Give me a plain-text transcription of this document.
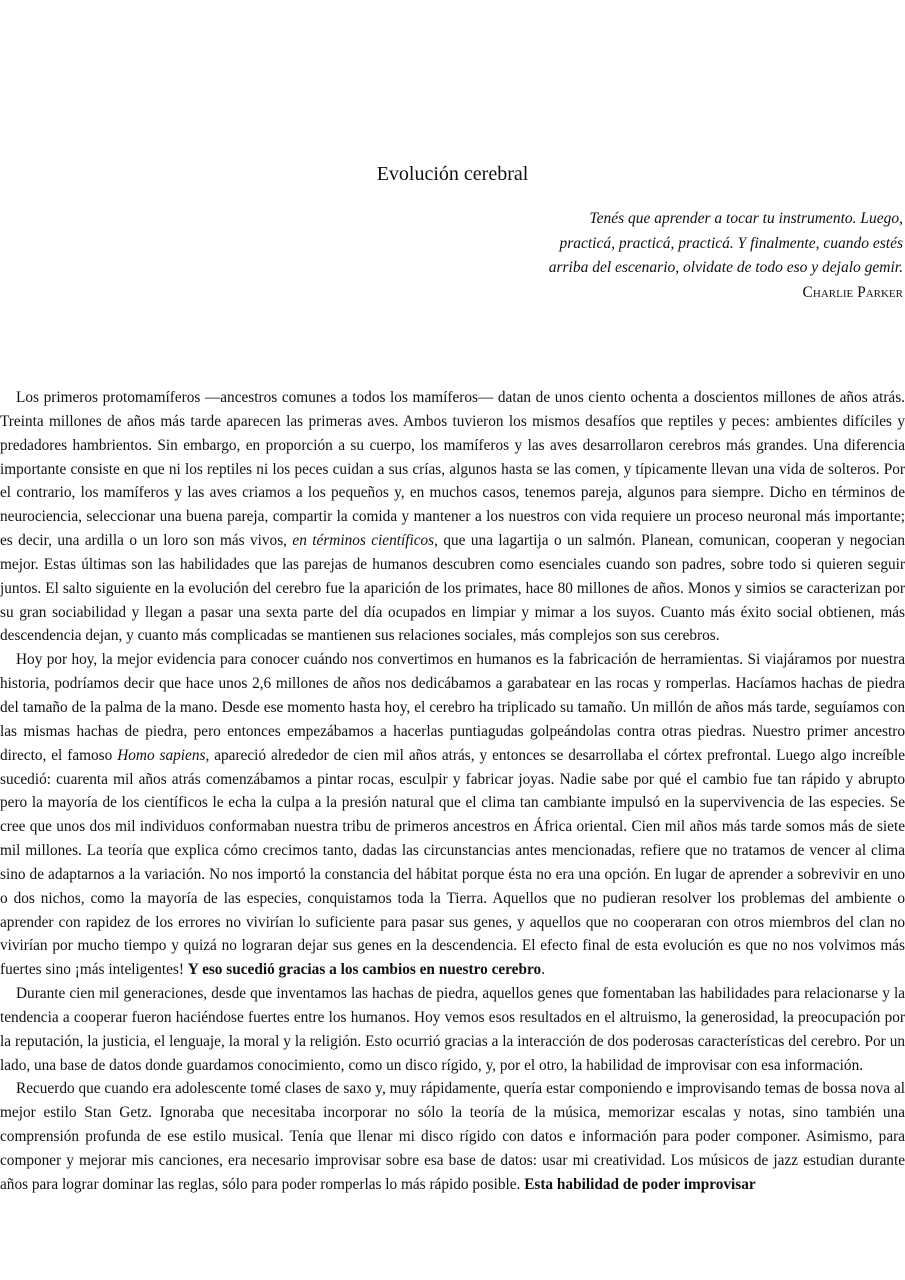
Evolución cerebral
Tenés que aprender a tocar tu instrumento. Luego,
practicá, practicá, practicá. Y finalmente, cuando estés
arriba del escenario, olvidate de todo eso y dejalo gemir.
Charlie Parker

Los primeros protomamíferos —ancestros comunes a todos los mamíferos— datan de unos ciento ochenta a doscientos millones de años atrás. Treinta millones de años más tarde aparecen las primeras aves. Ambos tuvieron los mismos desafíos que reptiles y peces: ambientes difíciles y predadores hambrientos. Sin embargo, en proporción a su cuerpo, los mamíferos y las aves desarrollaron cerebros más grandes. Una diferencia importante consiste en que ni los reptiles ni los peces cuidan a sus crías, algunos hasta se las comen, y típicamente llevan una vida de solteros. Por el contrario, los mamíferos y las aves criamos a los pequeños y, en muchos casos, tenemos pareja, algunos para siempre. Dicho en términos de neurociencia, seleccionar una buena pareja, compartir la comida y mantener a los nuestros con vida requiere un proceso neuronal más importante; es decir, una ardilla o un loro son más vivos, en términos científicos, que una lagartija o un salmón. Planean, comunican, cooperan y negocian mejor. Estas últimas son las habilidades que las parejas de humanos descubren como esenciales cuando son padres, sobre todo si quieren seguir juntos. El salto siguiente en la evolución del cerebro fue la aparición de los primates, hace 80 millones de años. Monos y simios se caracterizan por su gran sociabilidad y llegan a pasar una sexta parte del día ocupados en limpiar y mimar a los suyos. Cuanto más éxito social obtienen, más descendencia dejan, y cuanto más complicadas se mantienen sus relaciones sociales, más complejos son sus cerebros.

Hoy por hoy, la mejor evidencia para conocer cuándo nos convertimos en humanos es la fabricación de herramientas. Si viajáramos por nuestra historia, podríamos decir que hace unos 2,6 millones de años nos dedicábamos a garabatear en las rocas y romperlas. Hacíamos hachas de piedra del tamaño de la palma de la mano. Desde ese momento hasta hoy, el cerebro ha triplicado su tamaño. Un millón de años más tarde, seguíamos con las mismas hachas de piedra, pero entonces empezábamos a hacerlas puntiagudas golpeándolas contra otras piedras. Nuestro primer ancestro directo, el famoso Homo sapiens, apareció alrededor de cien mil años atrás, y entonces se desarrollaba el córtex prefrontal. Luego algo increíble sucedió: cuarenta mil años atrás comenzábamos a pintar rocas, esculpir y fabricar joyas. Nadie sabe por qué el cambio fue tan rápido y abrupto pero la mayoría de los científicos le echa la culpa a la presión natural que el clima tan cambiante impulsó en la supervivencia de las especies. Se cree que unos dos mil individuos conformaban nuestra tribu de primeros ancestros en África oriental. Cien mil años más tarde somos más de siete mil millones. La teoría que explica cómo crecimos tanto, dadas las circunstancias antes mencionadas, refiere que no tratamos de vencer al clima sino de adaptarnos a la variación. No nos importó la constancia del hábitat porque ésta no era una opción. En lugar de aprender a sobrevivir en uno o dos nichos, como la mayoría de las especies, conquistamos toda la Tierra. Aquellos que no pudieran resolver los problemas del ambiente o aprender con rapidez de los errores no vivirían lo suficiente para pasar sus genes, y aquellos que no cooperaran con otros miembros del clan no vivirían por mucho tiempo y quizá no lograran dejar sus genes en la descendencia. El efecto final de esta evolución es que no nos volvimos más fuertes sino ¡más inteligentes! Y eso sucedió gracias a los cambios en nuestro cerebro.

Durante cien mil generaciones, desde que inventamos las hachas de piedra, aquellos genes que fomentaban las habilidades para relacionarse y la tendencia a cooperar fueron haciéndose fuertes entre los humanos. Hoy vemos esos resultados en el altruismo, la generosidad, la preocupación por la reputación, la justicia, el lenguaje, la moral y la religión. Esto ocurrió gracias a la interacción de dos poderosas características del cerebro. Por un lado, una base de datos donde guardamos conocimiento, como un disco rígido, y, por el otro, la habilidad de improvisar con esa información.

Recuerdo que cuando era adolescente tomé clases de saxo y, muy rápidamente, quería estar componiendo e improvisando temas de bossa nova al mejor estilo Stan Getz. Ignoraba que necesitaba incorporar no sólo la teoría de la música, memorizar escalas y notas, sino también una comprensión profunda de ese estilo musical. Tenía que llenar mi disco rígido con datos e información para poder componer. Asimismo, para componer y mejorar mis canciones, era necesario improvisar sobre esa base de datos: usar mi creatividad. Los músicos de jazz estudian durante años para lograr dominar las reglas, sólo para poder romperlas lo más rápido posible. Esta habilidad de poder improvisar
